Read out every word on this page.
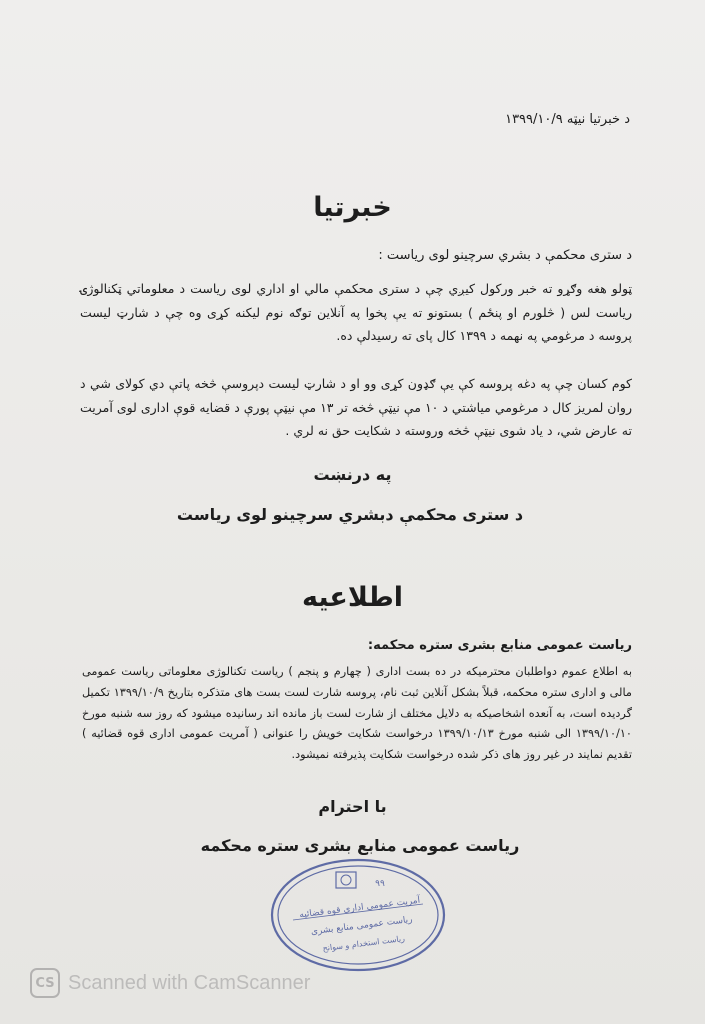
د خبرتیا نیټه ۱۳۹۹/۱۰/۹
خبرتیا
د ستری محکمې د بشري سرچینو لوی ریاست :
ټولو هغه وګړو ته خبر ورکول کیږي چې د ستری محکمې مالي او اداري لوی ریاست د معلوماتي ټکنالوژۍ ریاست لس ( څلورم او پنځم ) بستونو ته یې پخوا په آنلاین توګه نوم لیکنه کړی وه چې د شارټ لیست پروسه د مرغومي په نهمه د ۱۳۹۹ کال پای ته رسیدلې ده.
کوم کسان چې په دغه پروسه کې یې ګډون کړی وو او د شارټ لیست دپروسې څخه پاتې دي کولای شي د روان لمریز کال د مرغومي میاشتي د ۱۰ مې نیټې څخه تر ۱۳ مې نیټې پورې د قضایه قوې اداری لوی آمریت ته عارض شي، د یاد شوی نیټې څخه وروسته د شکایت حق نه لري .
په درنښت
د ستری محکمې دبشري سرچینو لوی ریاست
اطلاعیه
ریاست عمومی منابع بشری ستره محکمه:
به اطلاع عموم دواطلبان محترمیکه در ده بست اداری ( چهارم و پنجم ) ریاست تکنالوژی معلوماتی ریاست عمومی مالی و اداری ستره محکمه، قبلاً بشکل آنلاین ثبت نام، پروسه شارت لست بست های متذکره بتاریخ ۱۳۹۹/۱۰/۹ تکمیل گردیده است، به آنعده اشخاصیکه به دلایل مختلف از شارت لست باز مانده اند رسانیده میشود که روز سه شنبه مورخ ۱۳۹۹/۱۰/۱۰ الی شنبه مورخ ۱۳۹۹/۱۰/۱۳ درخواست شکایت خویش را عنوانی ( آمریت عمومی اداری قوه قضائیه ) تقدیم نمایند در غیر روز های ذکر شده درخواست شکایت پذیرفته نمیشود.
با احترام
ریاست عمومی منابع بشری ستره محکمه
۹۹
آمریت عمومی اداری قوه قضائیه
ریاست عمومی منابع بشری
ریاست استخدام و سوانح
CS Scanned with CamScanner
